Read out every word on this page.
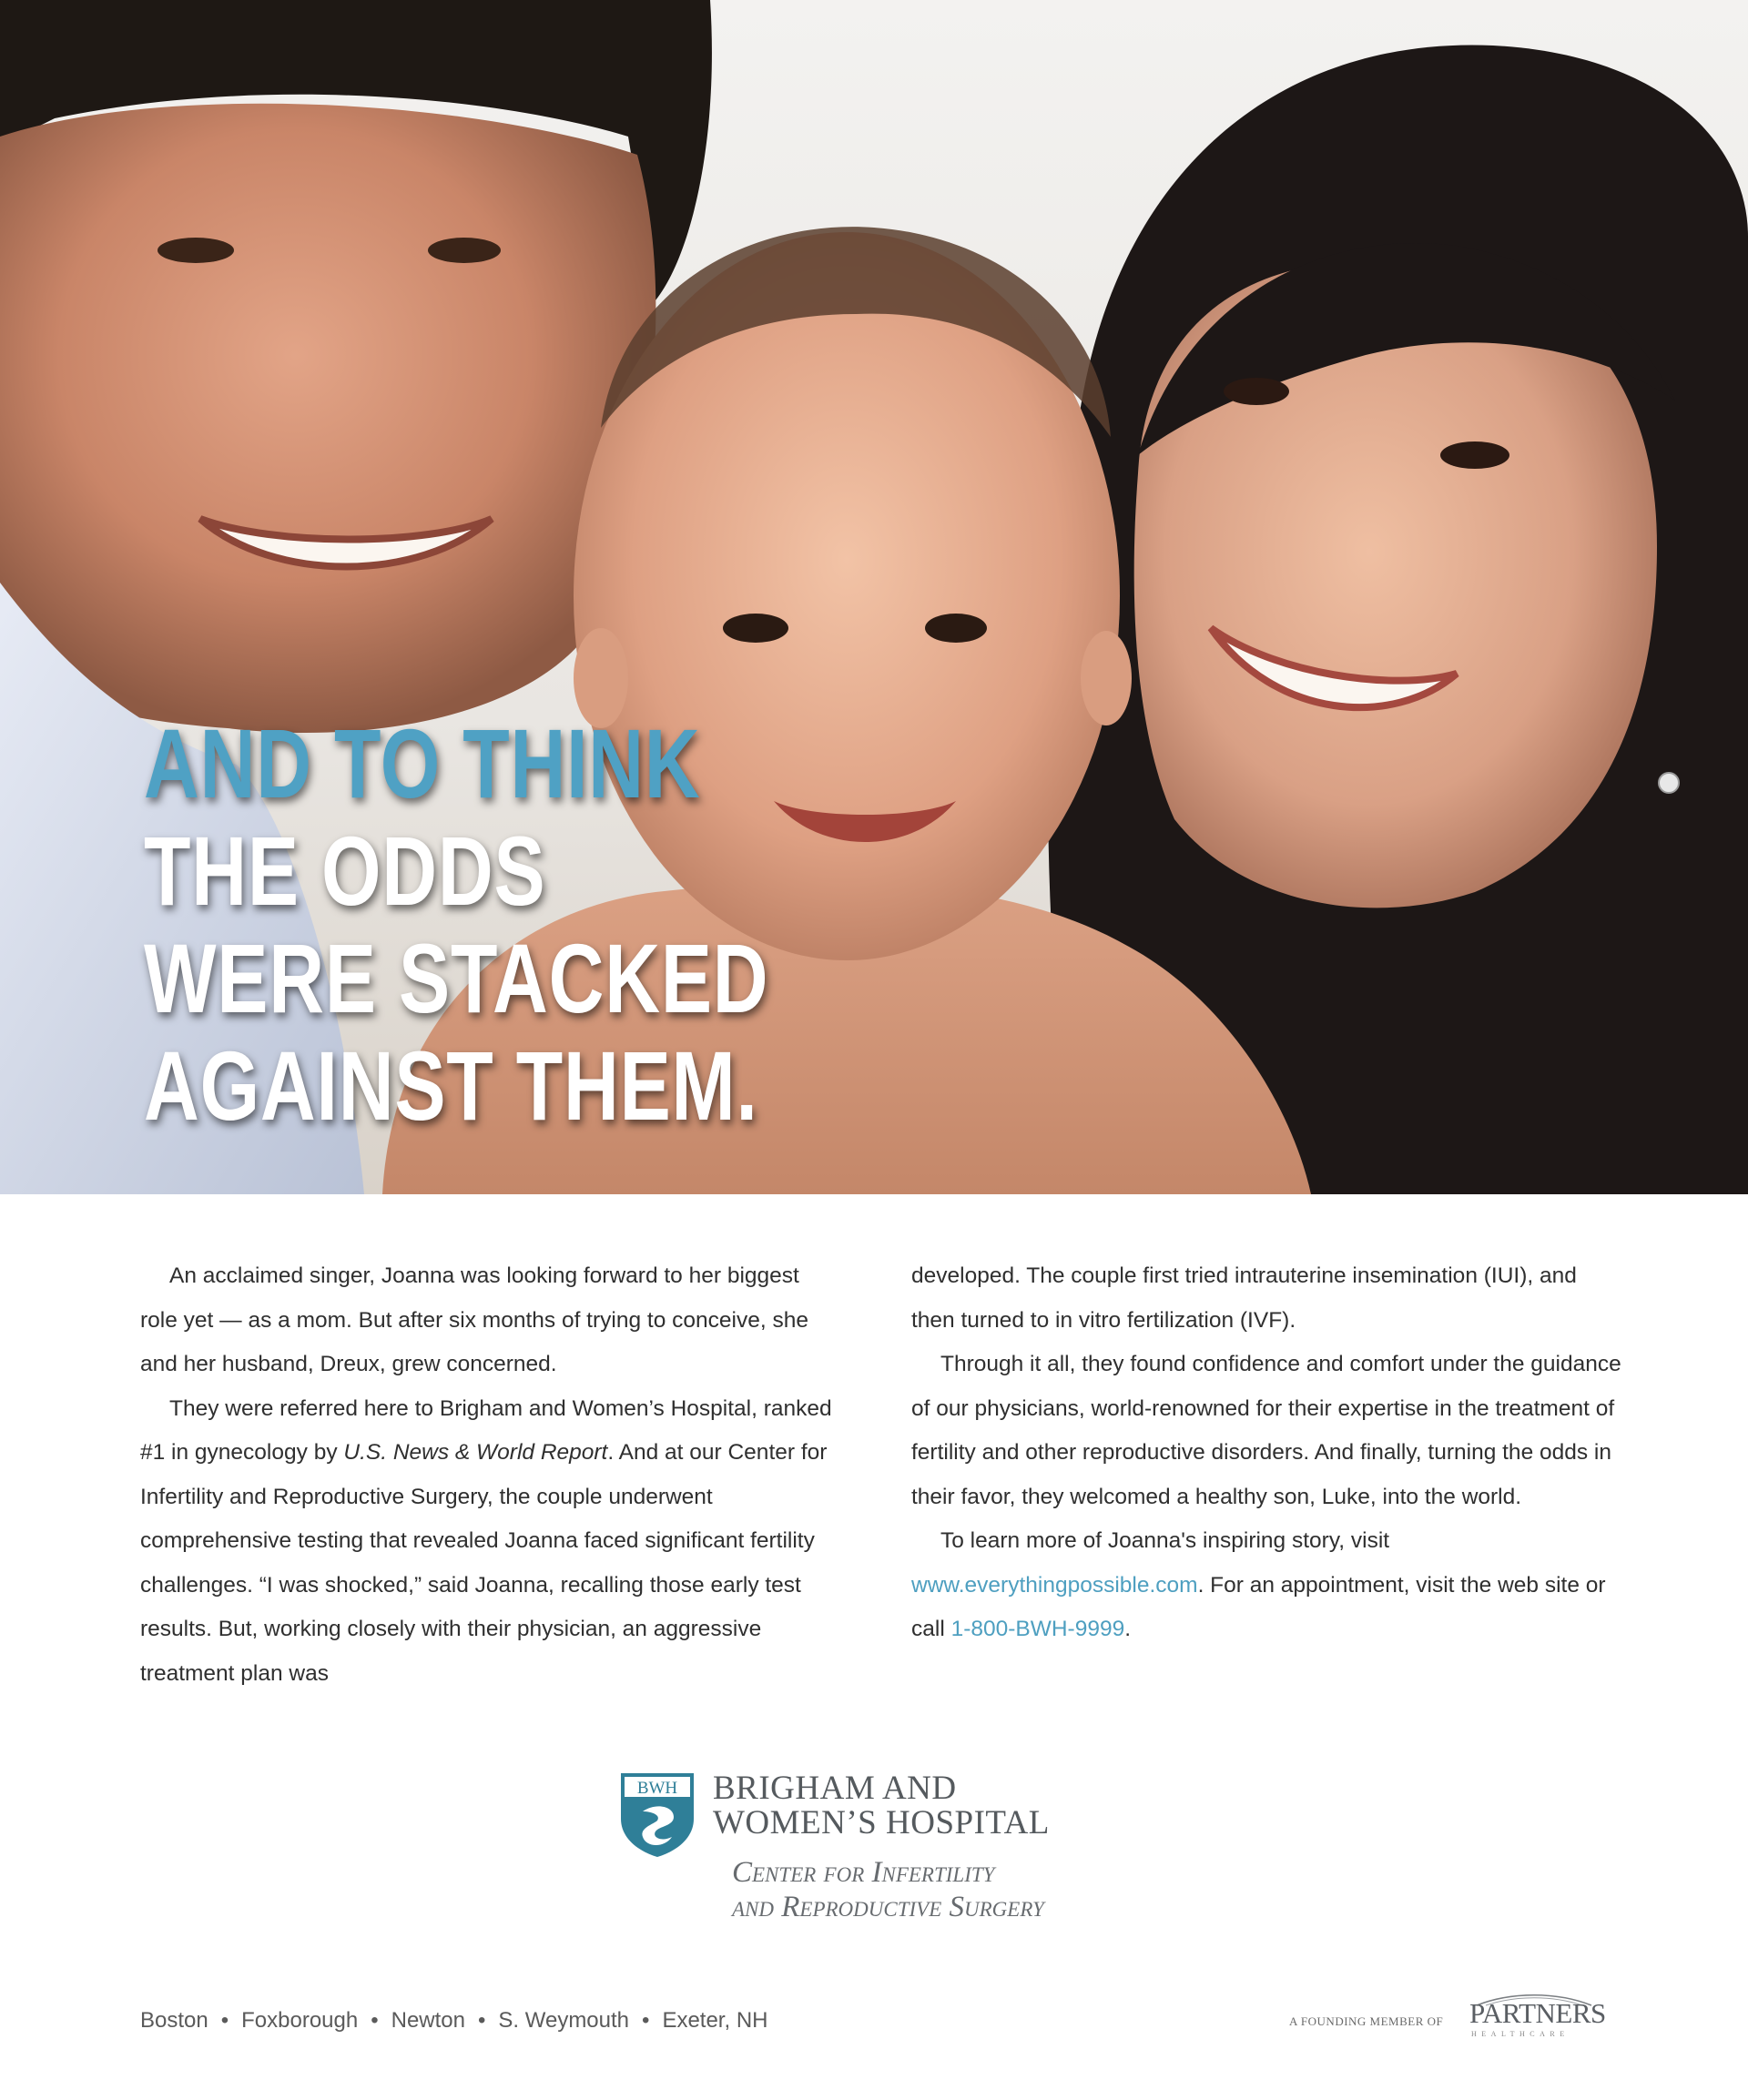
AND TO THINK
THE ODDS
WERE STACKED
AGAINST THEM.

An acclaimed singer, Joanna was looking forward to her biggest role yet — as a mom. But after six months of trying to conceive, she and her husband, Dreux, grew concerned.

They were referred here to Brigham and Women’s Hospital, ranked #1 in gynecology by U.S. News & World Report. And at our Center for Infertility and Reproductive Surgery, the couple underwent comprehensive testing that revealed Joanna faced significant fertility challenges. “I was shocked,” said Joanna, recalling those early test results. But, working closely with their physician, an aggressive treatment plan was

developed. The couple first tried intrauterine insemination (IUI), and then turned to in vitro fertilization (IVF).

Through it all, they found confidence and comfort under the guidance of our physicians, world-renowned for their expertise in the treatment of fertility and other reproductive disorders. And finally, turning the odds in their favor, they welcomed a healthy son, Luke, into the world.

To learn more of Joanna's inspiring story, visit www.everythingpossible.com. For an appointment, visit the web site or call 1-800-BWH-9999.

BWH BRIGHAM AND
WOMEN’S HOSPITAL
Center for Infertility
and Reproductive Surgery

Boston • Foxborough • Newton • S. Weymouth • Exeter, NH	A FOUNDING MEMBER OF PARTNERS
HEALTHCARE
